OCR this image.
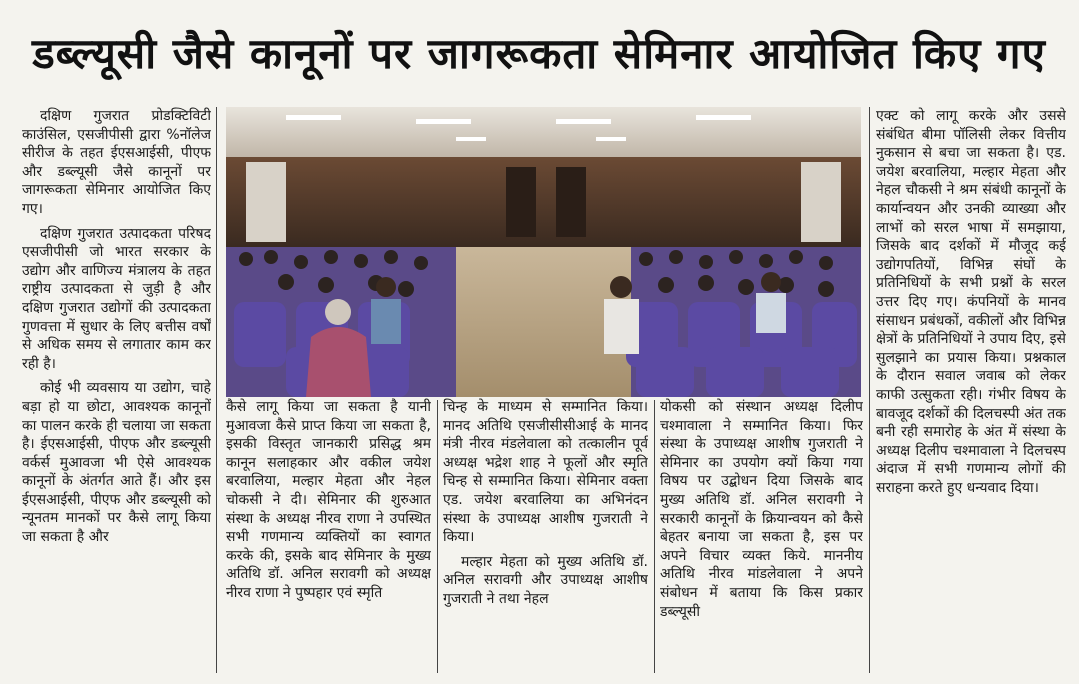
डब्ल्यूसी जैसे कानूनों पर जागरूकता सेमिनार आयोजित किए गए

दक्षिण गुजरात प्रोडक्टिविटी काउंसिल, एसजीपीसी द्वारा %नॉलेज सीरीज के तहत ईएसआईसी, पीएफ और डब्ल्यूसी जैसे कानूनों पर जागरूकता सेमिनार आयोजित किए गए।

दक्षिण गुजरात उत्पादकता परिषद एसजीपीसी जो भारत सरकार के उद्योग और वाणिज्य मंत्रालय के तहत राष्ट्रीय उत्पादकता से जुड़ी है और दक्षिण गुजरात उद्योगों की उत्पादकता गुणवत्ता में सुधार के लिए बत्तीस वर्षों से अधिक समय से लगातार काम कर रही है।

कोई भी व्यवसाय या उद्योग, चाहे बड़ा हो या छोटा, आवश्यक कानूनों का पालन करके ही चलाया जा सकता है। ईएसआईसी, पीएफ और डब्ल्यूसी वर्कर्स मुआवजा भी ऐसे आवश्यक कानूनों के अंतर्गत आते हैं। और इस ईएसआईसी, पीएफ और डब्ल्यूसी को न्यूनतम मानकों पर कैसे लागू किया जा सकता है और

कैसे लागू किया जा सकता है यानी मुआवजा कैसे प्राप्त किया जा सकता है, इसकी विस्तृत जानकारी प्रसिद्ध श्रम कानून सलाहकार और वकील जयेश बरवालिया, मल्हार मेहता और नेहल चोकसी ने दी। सेमिनार की शुरुआत संस्था के अध्यक्ष नीरव राणा ने उपस्थित सभी गणमान्य व्यक्तियों का स्वागत करके की, इसके बाद सेमिनार के मुख्य अतिथि डॉ. अनिल सरावगी को अध्यक्ष नीरव राणा ने पुष्पहार एवं स्मृति

चिन्ह के माध्यम से सम्मानित किया। मानद अतिथि एसजीसीसीआई के मानद मंत्री नीरव मंडलेवाला को तत्कालीन पूर्व अध्यक्ष भद्रेश शाह ने फूलों और स्मृति चिन्ह से सम्मानित किया। सेमिनार वक्ता एड. जयेश बरवालिया का अभिनंदन संस्था के उपाध्यक्ष आशीष गुजराती ने किया।

मल्हार मेहता को मुख्य अतिथि डॉ. अनिल सरावगी और उपाध्यक्ष आशीष गुजराती ने तथा नेहल

योकसी को संस्थान अध्यक्ष दिलीप चश्मावाला ने सम्मानित किया। फिर संस्था के उपाध्यक्ष आशीष गुजराती ने सेमिनार का उपयोग क्यों किया गया विषय पर उद्बोधन दिया जिसके बाद मुख्य अतिथि डॉ. अनिल सरावगी ने सरकारी कानूनों के क्रियान्वयन को कैसे बेहतर बनाया जा सकता है, इस पर अपने विचार व्यक्त किये. माननीय अतिथि नीरव मांडलेवाला ने अपने संबोधन में बताया कि किस प्रकार डब्ल्यूसी

एक्ट को लागू करके और उससे संबंधित बीमा पॉलिसी लेकर वित्तीय नुकसान से बचा जा सकता है। एड. जयेश बरवालिया, मल्हार मेहता और नेहल चौकसी ने श्रम संबंधी कानूनों के कार्यान्वयन और उनकी व्याख्या और लाभों को सरल भाषा में समझाया, जिसके बाद दर्शकों में मौजूद कई उद्योगपतियों, विभिन्न संघों के प्रतिनिधियों के सभी प्रश्नों के सरल उत्तर दिए गए। कंपनियों के मानव संसाधन प्रबंधकों, वकीलों और विभिन्न क्षेत्रों के प्रतिनिधियों ने उपाय दिए, इसे सुलझाने का प्रयास किया। प्रश्नकाल के दौरान सवाल जवाब को लेकर काफी उत्सुकता रही। गंभीर विषय के बावजूद दर्शकों की दिलचस्पी अंत तक बनी रही समारोह के अंत में संस्था के अध्यक्ष दिलीप चश्मावाला ने दिलचस्प अंदाज में सभी गणमान्य लोगों की सराहना करते हुए धन्यवाद दिया।
